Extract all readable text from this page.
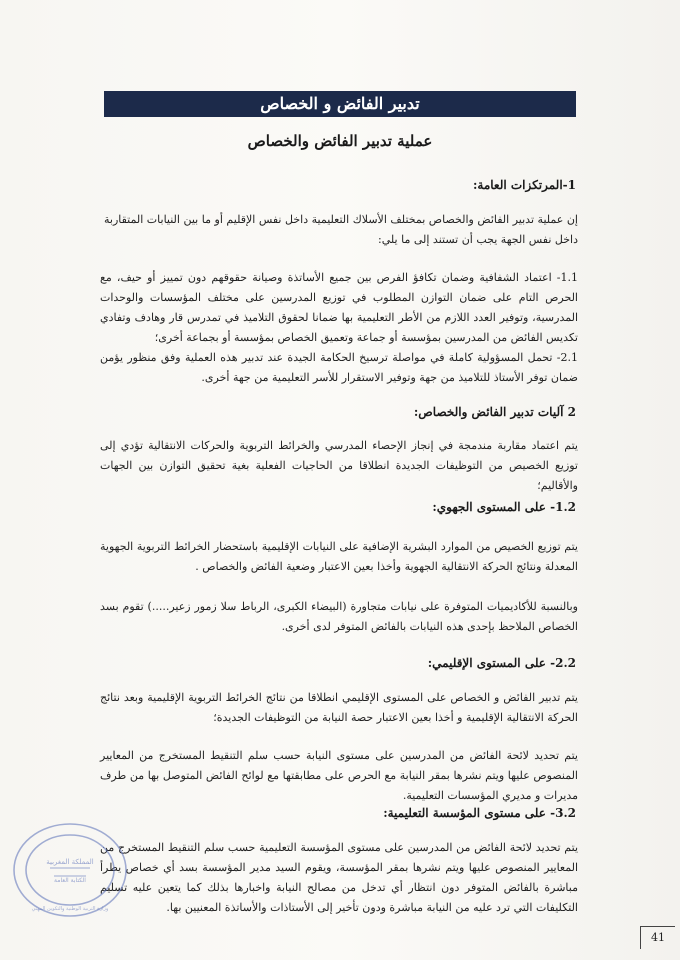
تدبير الفائض و الخصاص
عملية تدبير الفائض والخصاص
1-المرتكزات العامة:
إن عملية تدبير الفائض والخصاص بمختلف الأسلاك التعليمية داخل نفس الإقليم أو ما بين النيابات المتقاربة داخل نفس الجهة يجب أن تستند إلى ما يلي:
1.1- اعتماد الشفافية وضمان تكافؤ الفرص بين جميع الأساتذة وصيانة حقوقهم دون تمييز أو حيف، مع الحرص التام على ضمان التوازن المطلوب في توزيع المدرسين على مختلف المؤسسات والوحدات المدرسية، وتوفير العدد اللازم من الأطر التعليمية بها ضمانا لحقوق التلاميذ في تمدرس قار وهادف وتفادي تكديس الفائض من المدرسين بمؤسسة أو جماعة وتعميق الخصاص بمؤسسة أو بجماعة أخرى؛
2.1- تحمل المسؤولية كاملة في مواصلة ترسيخ الحكامة الجيدة عند تدبير هذه العملية وفق منظور يؤمن ضمان توفر الأستاذ للتلاميذ من جهة وتوفير الاستقرار للأسر التعليمية من جهة أخرى.
2 آليات تدبير الفائض والخصاص:
يتم اعتماد مقاربة مندمجة في إنجاز الإحصاء المدرسي والخرائط التربوية والحركات الانتقالية تؤدي إلى توزيع الخصيص من التوظيفات الجديدة انطلاقا من الحاجيات الفعلية بغية تحقيق التوازن بين الجهات والأقاليم؛
1.2- على المستوى الجهوي:
يتم توزيع الخصيص من الموارد البشرية الإضافية على النيابات الإقليمية باستحضار الخرائط التربوية الجهوية المعدلة ونتائج الحركة الانتقالية الجهوية وأخذا بعين الاعتبار وضعية الفائض والخصاص .
وبالنسبة للأكاديميات المتوفرة على نيابات متجاورة (البيضاء الكبرى، الرباط سلا زمور زعير.....) تقوم بسد الخصاص الملاحظ بإحدى هذه النيابات بالفائض المتوفر لدى أخرى.
2.2- على المستوى الإقليمي:
يتم تدبير الفائض و الخصاص على المستوى الإقليمي انطلاقا من نتائج الخرائط التربوية الإقليمية وبعد نتائج الحركة الانتقالية الإقليمية و أخذا بعين الاعتبار حصة النيابة من التوظيفات الجديدة؛
يتم تحديد لائحة الفائض من المدرسين على مستوى النيابة حسب سلم التنقيط المستخرج من المعايير المنصوص عليها ويتم نشرها بمقر النيابة مع الحرص على مطابقتها مع لوائح الفائض المتوصل بها من طرف مديرات و مديري المؤسسات التعليمية.
3.2- على مستوى المؤسسة التعليمية:
يتم تحديد لائحة الفائض من المدرسين على مستوى المؤسسة التعليمية حسب سلم التنقيط المستخرج من المعايير المنصوص عليها ويتم نشرها بمقر المؤسسة، ويقوم السيد مدير المؤسسة بسد أي خصاص يطرأ مباشرة بالفائض المتوفر دون انتظار أي تدخل من مصالح النيابة واخبارها بذلك كما يتعين عليه تسليم التكليفات التي ترد عليه من النيابة مباشرة ودون تأخير إلى الأستاذات والأساتذة المعنيين بها.
المملكة المغربية
الكتابة العامة
وزارة التربية الوطنية والتكوين المهني
41
